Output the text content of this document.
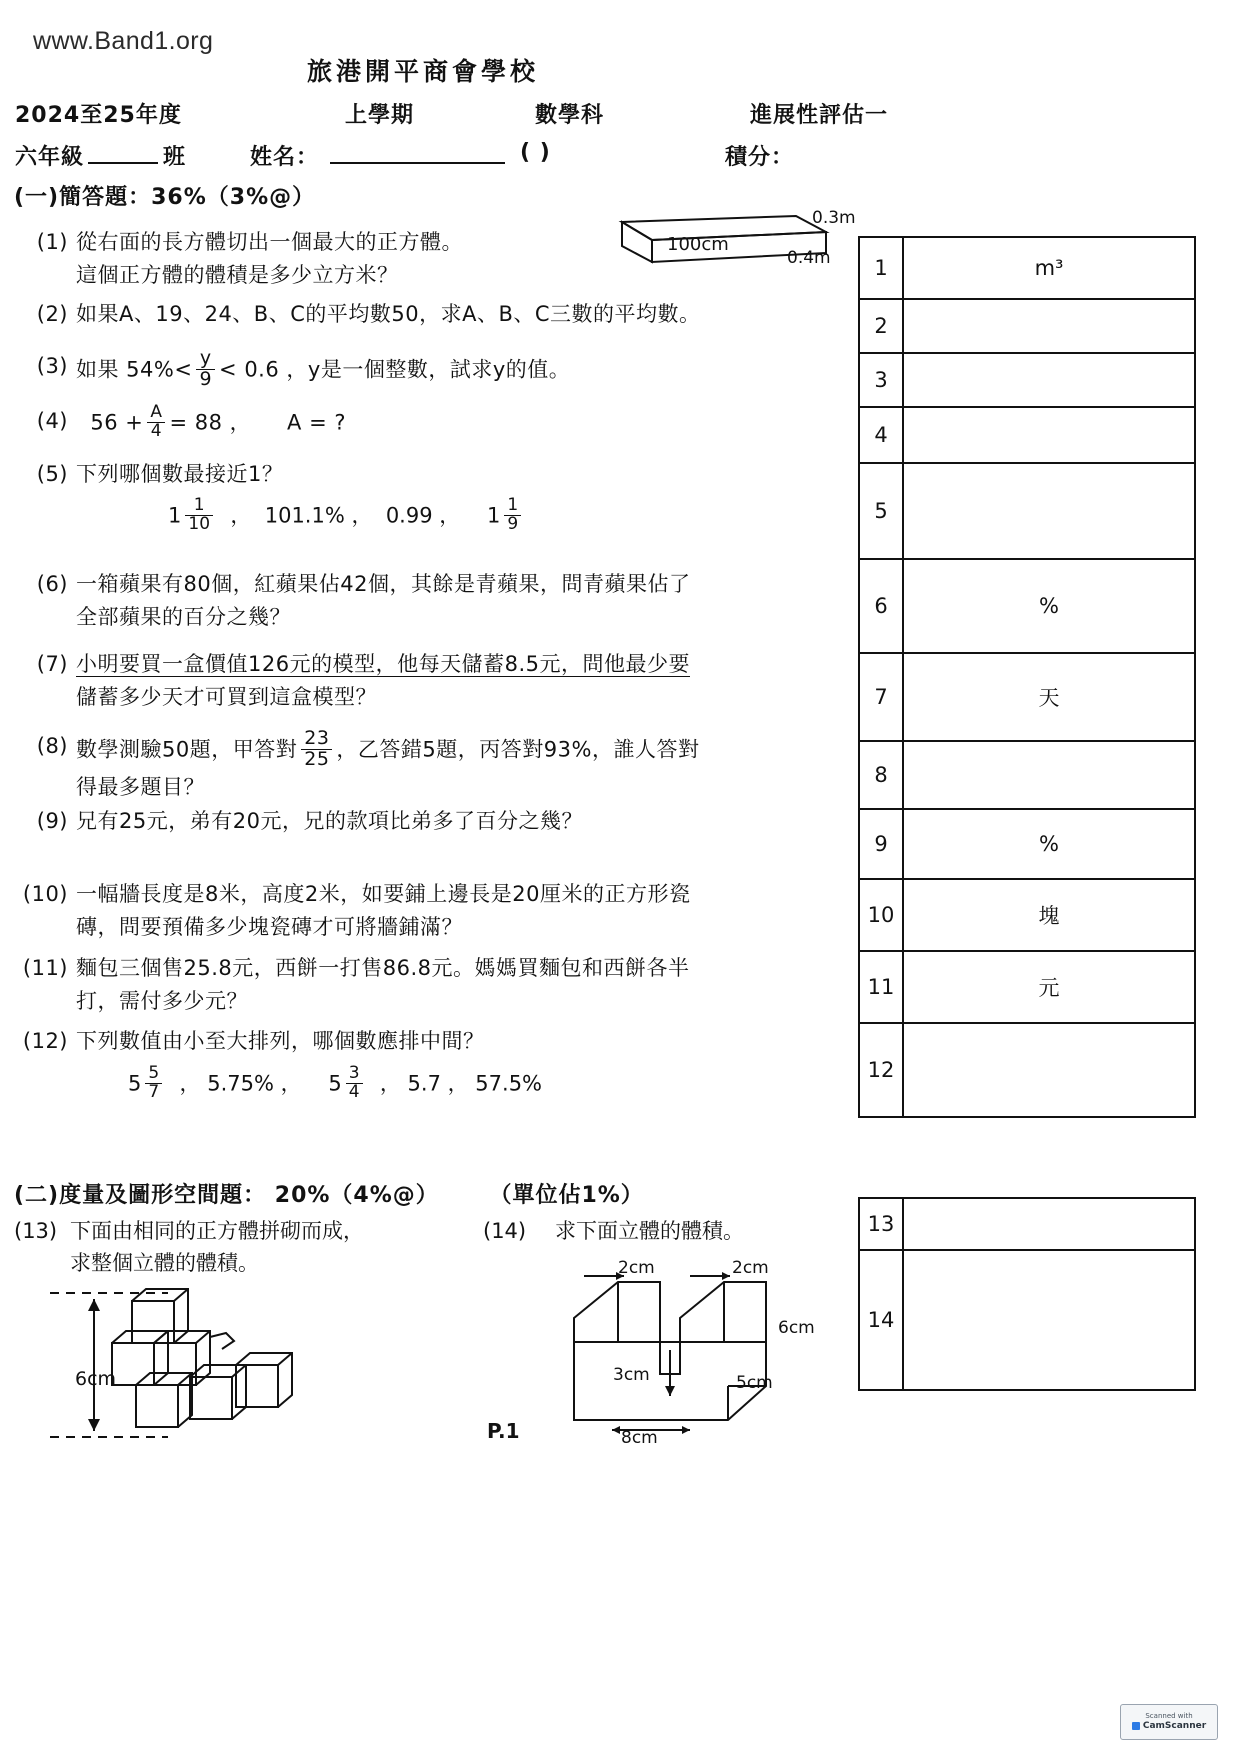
www.Band1.org
旅港開平商會學校
2024至25年度	上學期	數學科	進展性評估一
六年級	班	姓名：	( )	積分：
(一)簡答題：36%（3%@）
0.3m
100cm
0.4m
(1) 從右面的長方體切出一個最大的正方體。
這個正方體的體積是多少立方米？
(2) 如果A、19、24、B、C的平均數50，求A、B、C三數的平均數。
(3) 如果 $54\%< \frac{y}{9} < 0.6$ ，y是一個整數，試求y的值。
(4) $56 + \frac{A}{4} = 88$ ，     A = ?
(5) 下列哪個數最接近1？
$1 \frac{1}{10}$ ，  101.1% ，  0.99 ，    $1 \frac{1}{9}$
(6) 一箱蘋果有80個，紅蘋果佔42個，其餘是青蘋果，問青蘋果佔了
全部蘋果的百分之幾？
(7) 小明要買一盒價值126元的模型，他每天儲蓄8.5元，問他最少要
儲蓄多少天才可買到這盒模型？
(8) 數學測驗50題，甲答對 $\frac{23}{25}$ ，乙答錯5題，丙答對93%，誰人答對
得最多題目？
(9) 兄有25元，弟有20元，兄的款項比弟多了百分之幾？
(10) 一幅牆長度是8米，高度2米，如要鋪上邊長是20厘米的正方形瓷
磚，問要預備多少塊瓷磚才可將牆鋪滿？
(11) 麵包三個售25.8元，西餅一打售86.8元。媽媽買麵包和西餅各半
打，需付多少元？
(12) 下列數值由小至大排列，哪個數應排中間？
$5 \frac{5}{7}$ ， 5.75% ，    $5 \frac{3}{4}$ ， 5.7 ， 57.5%
1	m³
2
3
4
5
6	%
7	天
8
9	%
10	塊
11	元
12
13
14
(二)度量及圖形空間題： 20%（4%@） （單位佔1%）
(13) 下面由相同的正方體拼砌而成，
求整個立體的體積。
(14) 求下面立體的體積。
6cm
2cm	2cm
6cm
3cm
8cm
5cm
P.1
Scanned with
CamScanner
